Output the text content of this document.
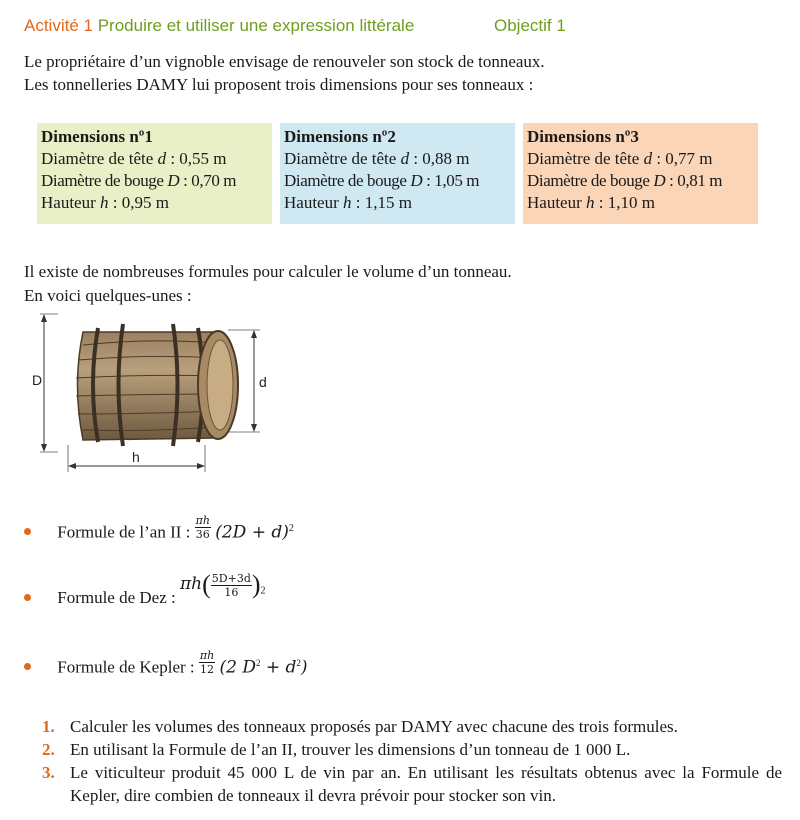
Activité 1 Produire et utiliser une expression littérale	Objectif 1
Le propriétaire d’un vignoble envisage de renouveler son stock de tonneaux.
Les tonnelleries DAMY lui proposent trois dimensions pour ses tonneaux :
Dimensions nº1
Diamètre de tête d : 0,55 m
Diamètre de bouge D : 0,70 m
Hauteur h : 0,95 m
Dimensions nº2
Diamètre de tête d : 0,88 m
Diamètre de bouge D : 1,05 m
Hauteur h : 1,15 m
Dimensions nº3
Diamètre de tête d : 0,77 m
Diamètre de bouge D : 0,81 m
Hauteur h : 1,10 m
Il existe de nombreuses formules pour calculer le volume d’un tonneau.
En voici quelques-unes :
D	d
h
Formule de l’an II : $\frac{\pi h}{36} (2D + d)^2$
Formule de Dez : $\pi h( \frac{5D+3d}{16} )_2$
Formule de Kepler : $\frac{\pi h}{12} (2$ $D^2 + d^2$)
1. Calculer les volumes des tonneaux proposés par DAMY avec chacune des trois formules.
2. En utilisant la Formule de l’an II, trouver les dimensions d’un tonneau de 1 000 L.
3. Le viticulteur produit 45 000 L de vin par an. En utilisant les résultats obtenus avec la Formule de Kepler, dire combien de tonneaux il devra prévoir pour stocker son vin.
